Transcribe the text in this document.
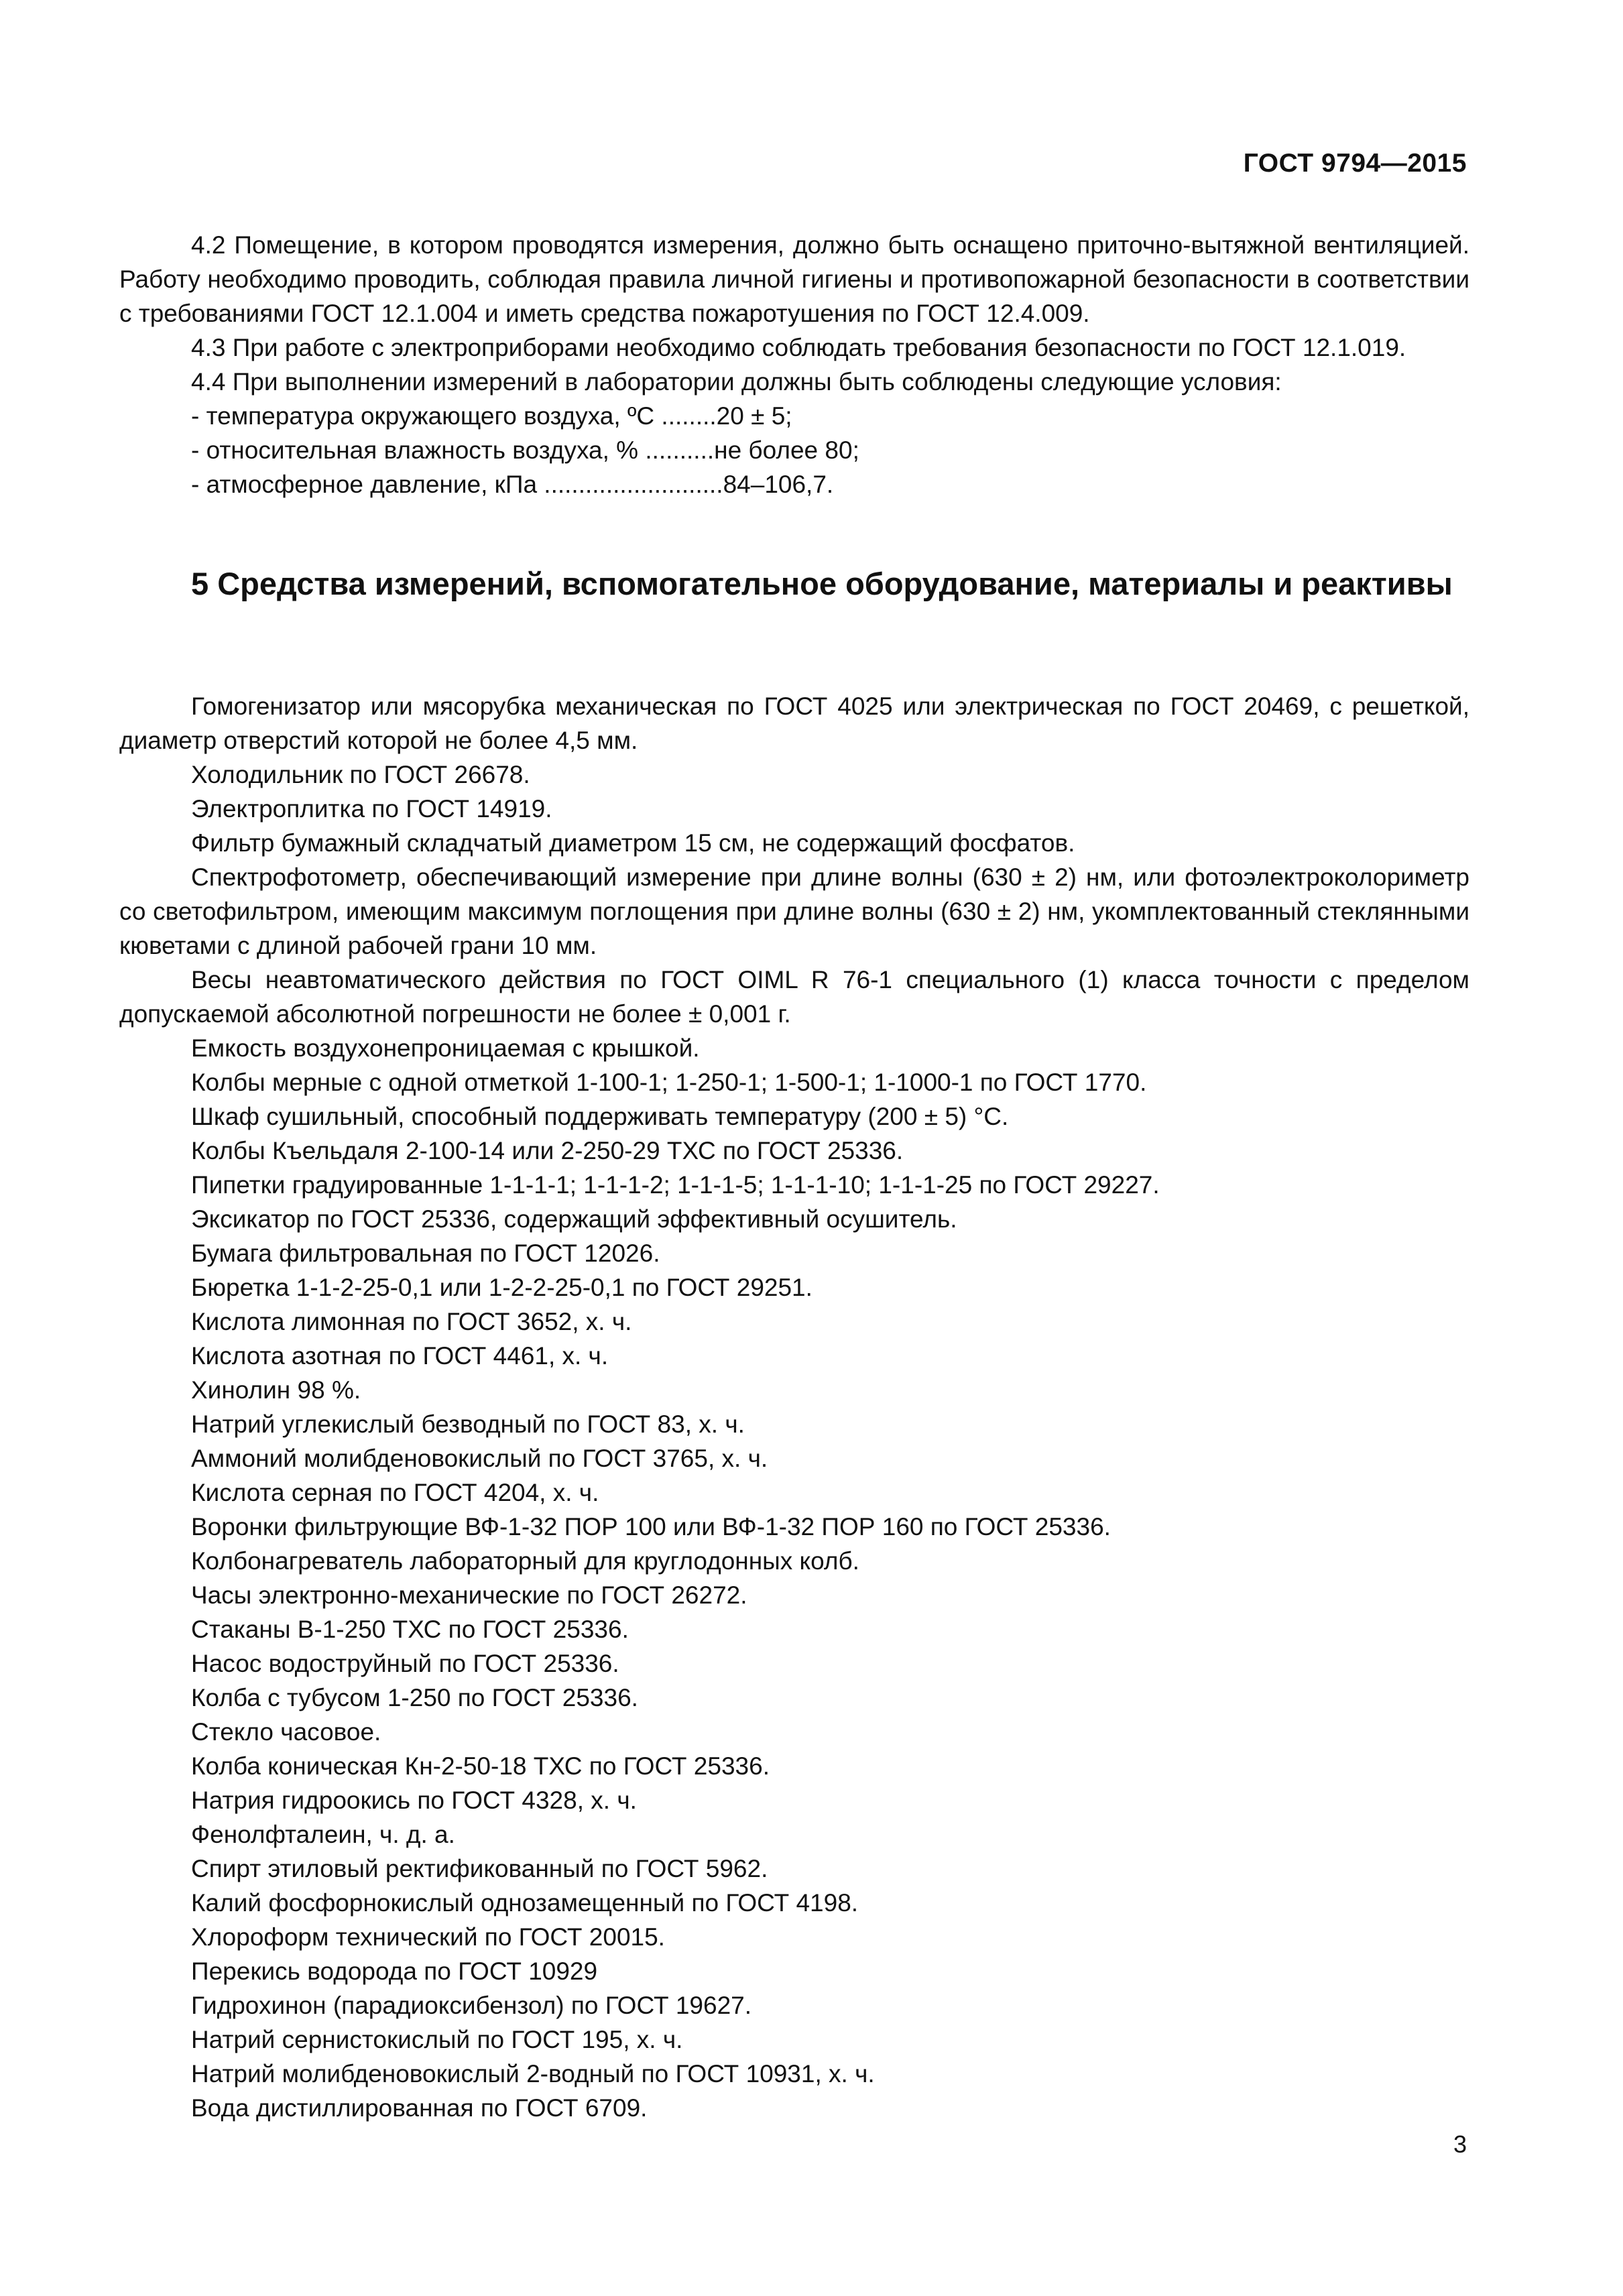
ГОСТ 9794—2015

4.2 Помещение, в котором проводятся измерения, должно быть оснащено приточно-вытяжной вентиляцией. Работу необходимо проводить, соблюдая правила личной гигиены и противопожарной безопасности в соответствии с требованиями ГОСТ 12.1.004 и иметь средства пожаротушения по ГОСТ 12.4.009.

4.3 При работе с электроприборами необходимо соблюдать требования безопасности по ГОСТ 12.1.019.

4.4 При выполнении измерений в лаборатории должны быть соблюдены следующие условия:

- температура окружающего воздуха, ºС ........20 ± 5;

- относительная влажность воздуха, % ..........не более 80;

- атмосферное давление, кПа ..........................84–106,7.

5 Средства измерений, вспомогательное оборудование, материалы и реактивы

Гомогенизатор или мясорубка механическая по ГОСТ 4025 или электрическая по ГОСТ 20469, с решеткой, диаметр отверстий которой не более 4,5 мм.

Холодильник по ГОСТ 26678.

Электроплитка по ГОСТ 14919.

Фильтр бумажный складчатый диаметром 15 см, не содержащий фосфатов.

Спектрофотометр, обеспечивающий измерение при длине волны (630 ± 2) нм, или фотоэлектроколориметр со светофильтром, имеющим максимум поглощения при длине волны (630 ± 2) нм, укомплектованный стеклянными кюветами с длиной рабочей грани 10 мм.

Весы неавтоматического действия по ГОСТ OIML R 76-1 специального (1) класса точности с пределом допускаемой абсолютной погрешности не более ± 0,001 г.

Емкость воздухонепроницаемая с крышкой.
Колбы мерные с одной отметкой 1-100-1; 1-250-1; 1-500-1; 1-1000-1 по ГОСТ 1770.
Шкаф сушильный, способный поддерживать температуру (200 ± 5) °С.
Колбы Къельдаля 2-100-14 или 2-250-29 ТХС по ГОСТ 25336.
Пипетки градуированные 1-1-1-1; 1-1-1-2; 1-1-1-5; 1-1-1-10; 1-1-1-25 по ГОСТ 29227.
Эксикатор по ГОСТ 25336, содержащий эффективный осушитель.
Бумага фильтровальная по ГОСТ 12026.
Бюретка 1-1-2-25-0,1 или 1-2-2-25-0,1 по ГОСТ 29251.
Кислота лимонная по ГОСТ 3652, х. ч.
Кислота азотная по ГОСТ 4461, х. ч.
Хинолин 98 %.
Натрий углекислый безводный по ГОСТ 83, х. ч.
Аммоний молибденовокислый по ГОСТ 3765, х. ч.
Кислота серная по ГОСТ 4204, х. ч.
Воронки фильтрующие ВФ-1-32 ПОР 100 или ВФ-1-32 ПОР 160 по ГОСТ 25336.
Колбонагреватель лабораторный для круглодонных колб.
Часы электронно-механические по ГОСТ 26272.
Стаканы В-1-250 ТХС по ГОСТ 25336.
Насос водоструйный по ГОСТ 25336.
Колба с тубусом 1-250 по ГОСТ 25336.
Стекло часовое.
Колба коническая Кн-2-50-18 ТХС по ГОСТ 25336.
Натрия гидроокись по ГОСТ 4328, х. ч.
Фенолфталеин, ч. д. а.
Спирт этиловый ректификованный по ГОСТ 5962.
Калий фосфорнокислый однозамещенный по ГОСТ 4198.
Хлороформ технический по ГОСТ 20015.
Перекись водорода по ГОСТ 10929
Гидрохинон (парадиоксибензол) по ГОСТ 19627.
Натрий сернистокислый по ГОСТ 195, х. ч.
Натрий молибденовокислый 2-водный по ГОСТ 10931, х. ч.
Вода дистиллированная по ГОСТ 6709.
3
